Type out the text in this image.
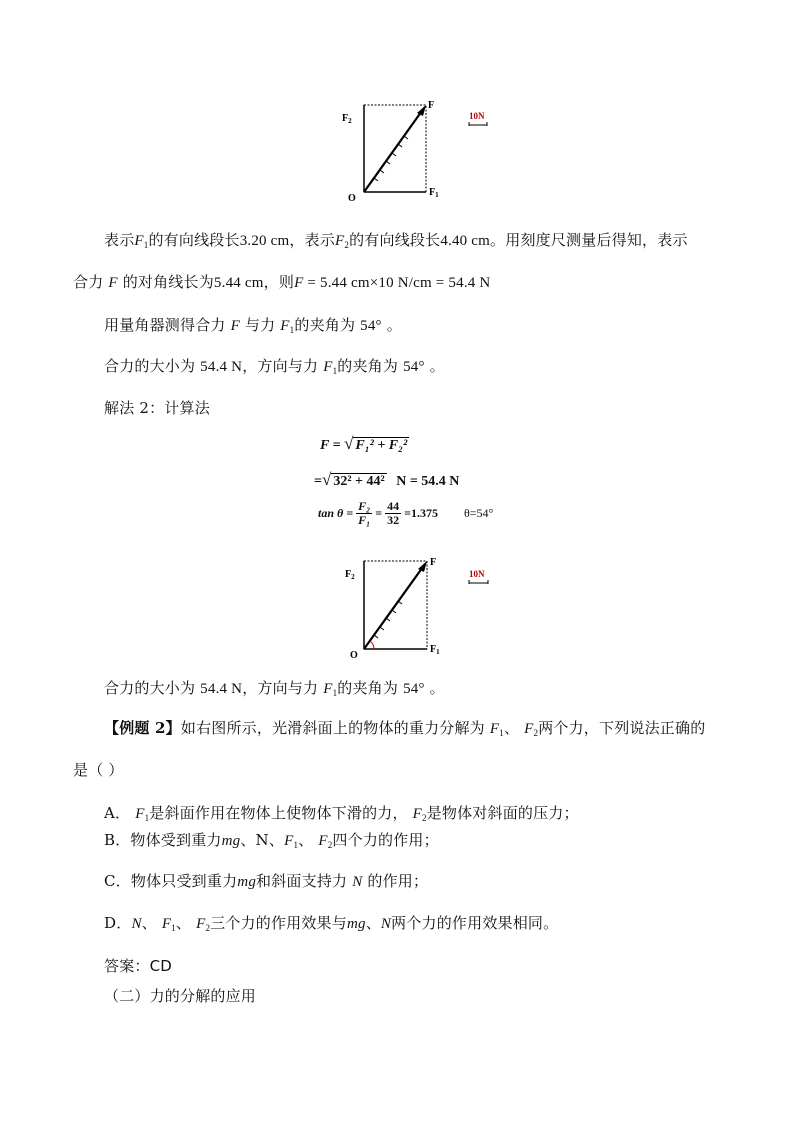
$F_2$
F
O
$F_1$
10N
表示$F_1$的有向线段长3.20 cm，表示$F_2$的有向线段长4.40 cm。用刻度尺测量后得知，表示
合力 F 的对角线长为5.44 cm，则F = 5.44 cm×10 N/cm = 54.4 N
用量角器测得合力 F 与力 $F_1$的夹角为 54° 。
合力的大小为 54.4 N，方向与力 $F_1$的夹角为 54° 。
解法 2：计算法
F = √ F₁² + F₂²
=√ 32² + 44² N = 54.4 N
$\tan \theta = \frac{\text{F₂}}{\text{F₁}} = \frac{44}{32} =1.375$ θ=54°
$F_2$
F
O
$F_1$
10N
合力的大小为 54.4 N，方向与力 $F_1$的夹角为 54° 。
【例题 2】如右图所示，光滑斜面上的物体的重力分解为 $F_1$、 $F_2$两个力，下列说法正确的
是（ ）
A． $F_1$是斜面作用在物体上使物体下滑的力， $F_2$是物体对斜面的压力；
B．物体受到重力mg、N、$F_1$、 $F_2$四个力的作用；
C．物体只受到重力mg和斜面支持力 N 的作用；
D．N、 $F_1$、 $F_2$三个力的作用效果与mg、N两个力的作用效果相同。
答案：CD
（二）力的分解的应用
